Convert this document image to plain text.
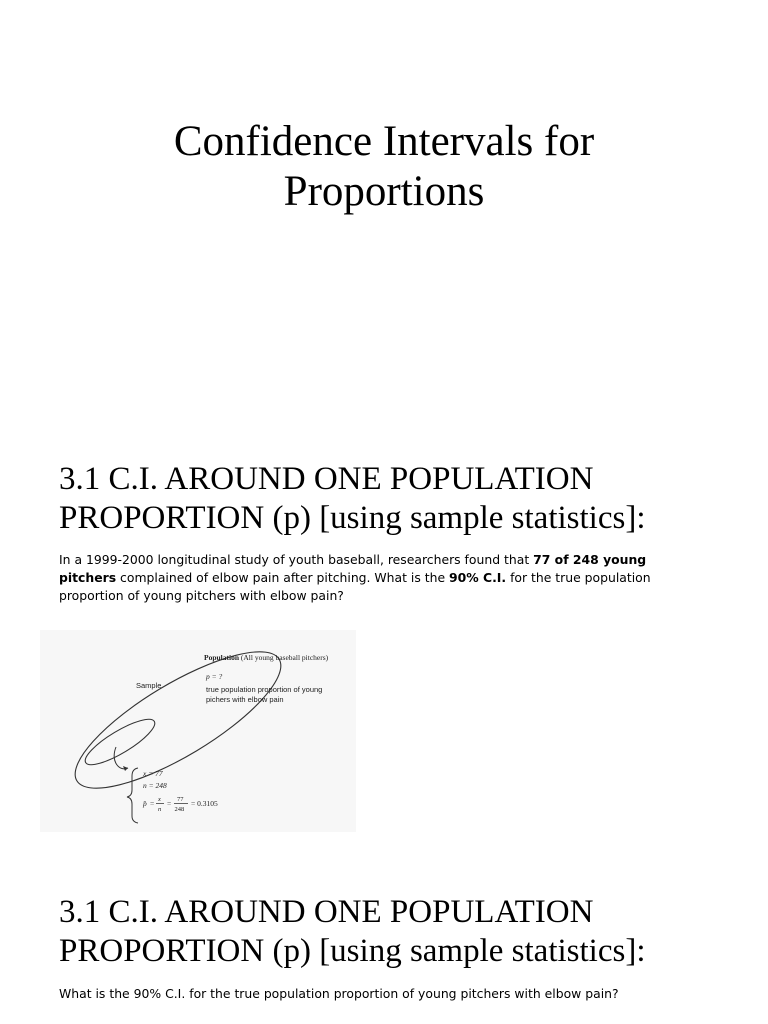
Confidence Intervals for
Proportions
3.1 C.I. AROUND ONE POPULATION
PROPORTION (p) [using sample statistics]:
In a 1999-2000 longitudinal study of youth baseball, researchers found that 77 of 248 young pitchers complained of elbow pain after pitching. What is the 90% C.I. for the true population proportion of young pitchers with elbow pain?
Population (All young baseball pitchers)
p = ?
true population proportion of young
pichers with elbow pain
Sample
x = 77
n = 248
p̂ = x
n
= 77
248
= 0.3105
3.1 C.I. AROUND ONE POPULATION
PROPORTION (p) [using sample statistics]:
What is the 90% C.I. for the true population proportion of young pitchers with elbow pain?
